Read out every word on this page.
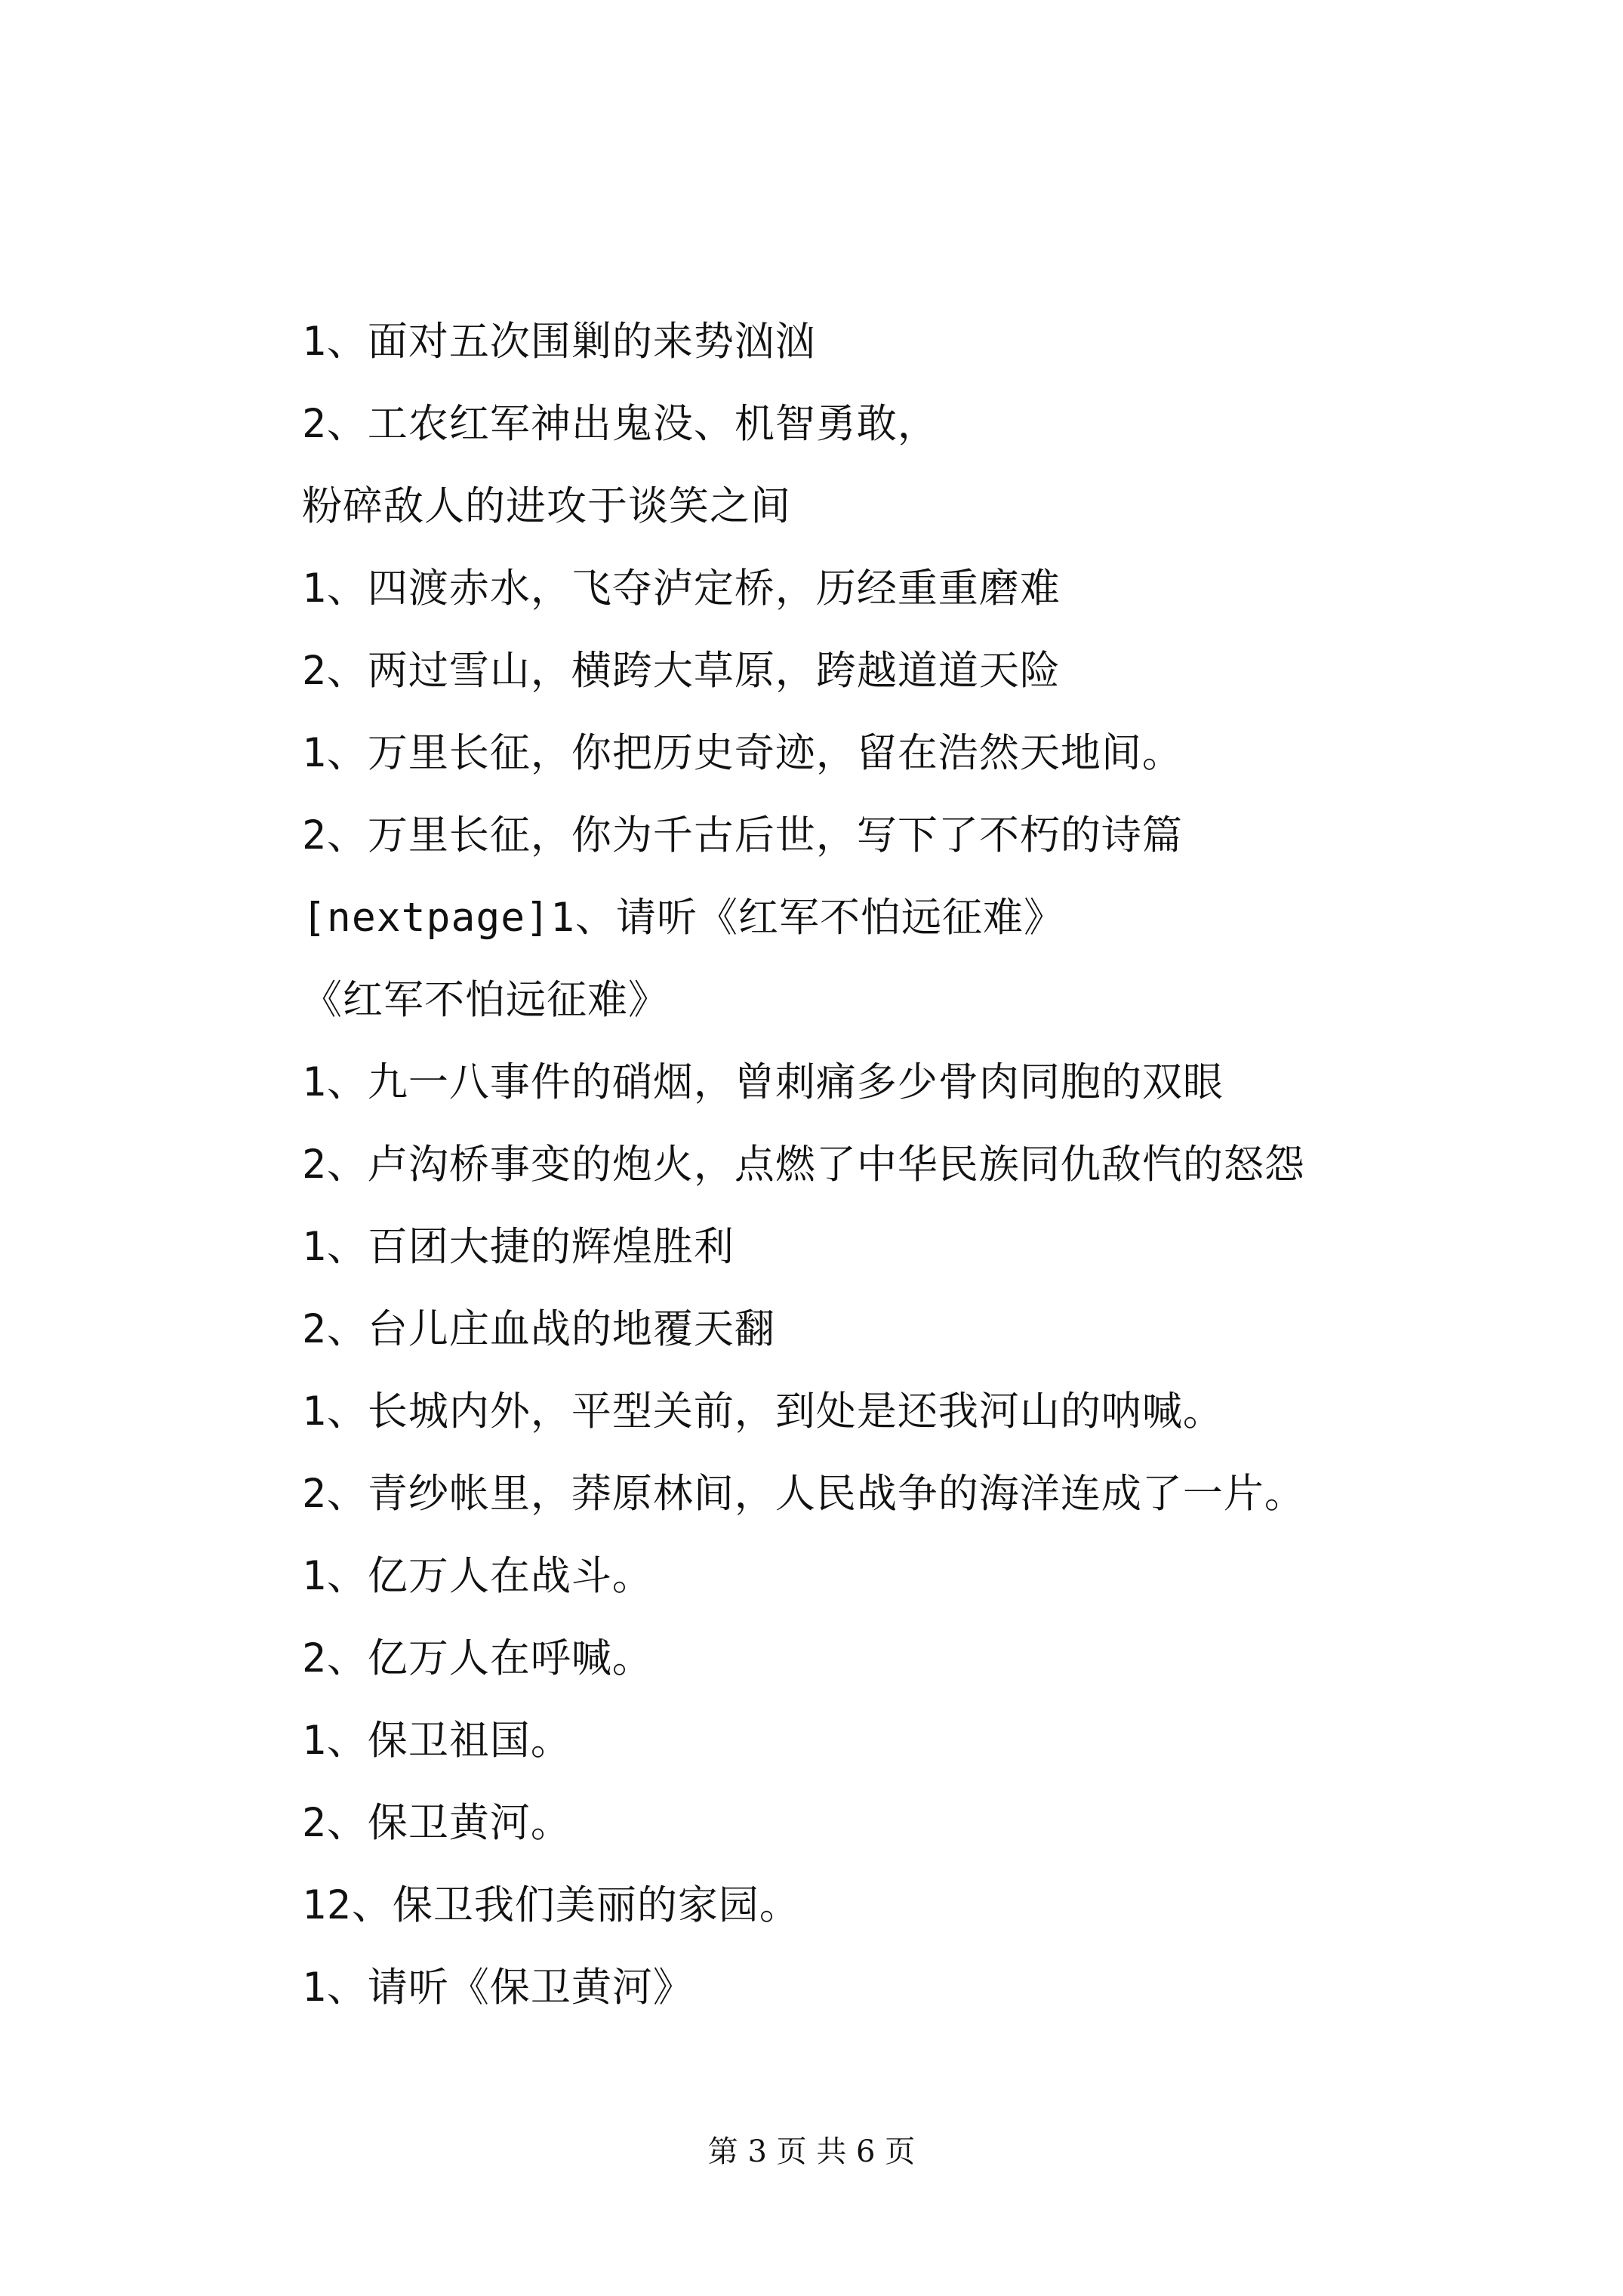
1、面对五次围剿的来势汹汹
2、工农红军神出鬼没、机智勇敢，
粉碎敌人的进攻于谈笑之间
1、四渡赤水，飞夺泸定桥，历经重重磨难
2、两过雪山，横跨大草原，跨越道道天险
1、万里长征，你把历史奇迹，留在浩然天地间。
2、万里长征，你为千古后世，写下了不朽的诗篇
[nextpage]1、请听《红军不怕远征难》
《红军不怕远征难》
1、九一八事件的硝烟，曾刺痛多少骨肉同胞的双眼
2、卢沟桥事变的炮火，点燃了中华民族同仇敌忾的怒怨
1、百团大捷的辉煌胜利
2、台儿庄血战的地覆天翻
1、长城内外，平型关前，到处是还我河山的呐喊。
2、青纱帐里，莽原林间，人民战争的海洋连成了一片。
1、亿万人在战斗。
2、亿万人在呼喊。
1、保卫祖国。
2、保卫黄河。
12、保卫我们美丽的家园。
1、请听《保卫黄河》
第 3 页 共 6 页
